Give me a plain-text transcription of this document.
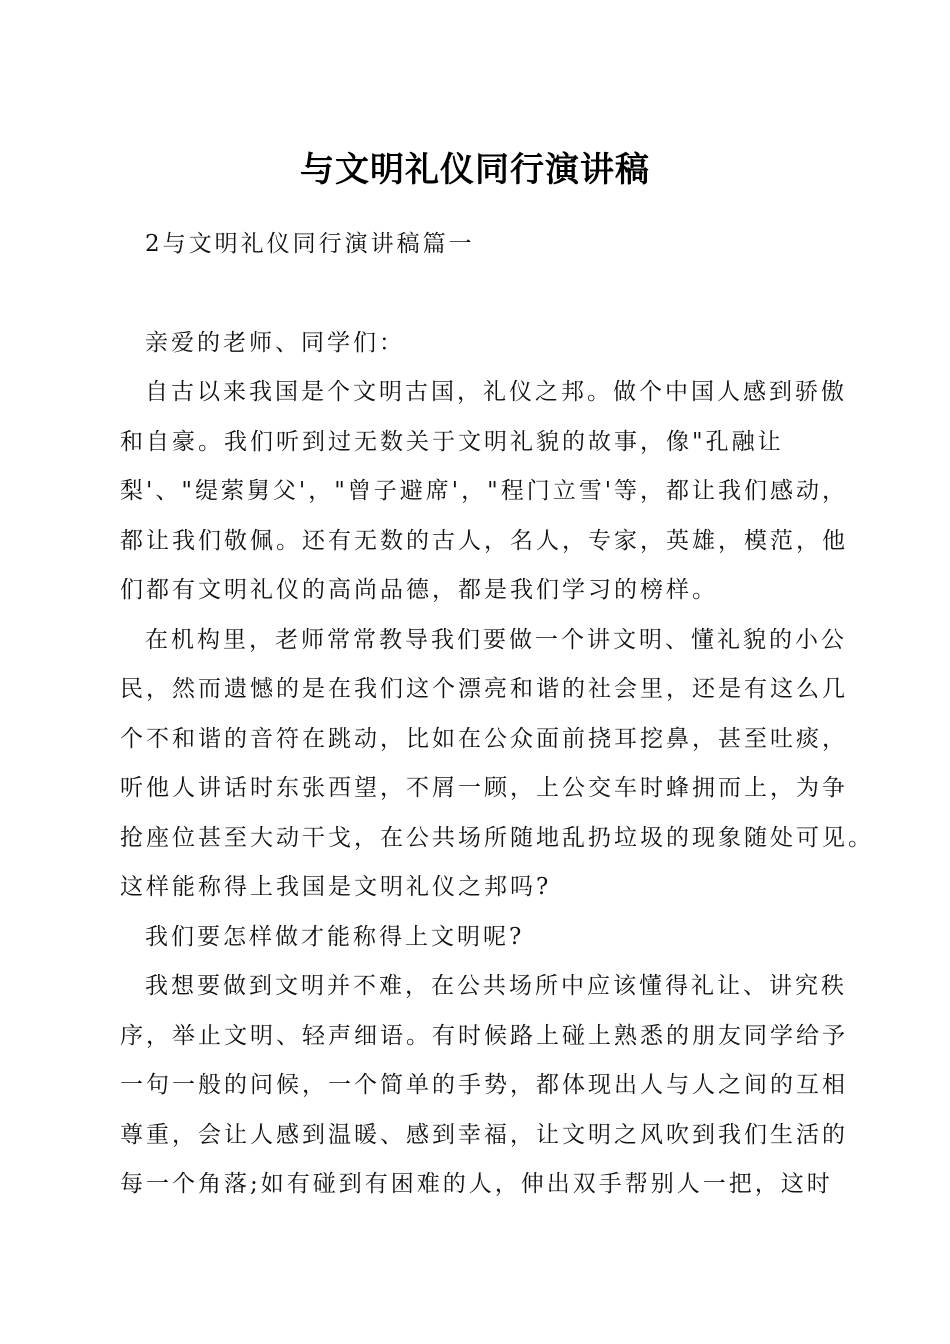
与文明礼仪同行演讲稿
2与文明礼仪同行演讲稿篇一
亲爱的老师、同学们：
自古以来我国是个文明古国，礼仪之邦。做个中国人感到骄傲
和自豪。我们听到过无数关于文明礼貌的故事，像"孔融让
梨'、"缇萦舅父'，"曾子避席'，"程门立雪'等，都让我们感动，
都让我们敬佩。还有无数的古人，名人，专家，英雄，模范，他
们都有文明礼仪的高尚品德，都是我们学习的榜样。
在机构里，老师常常教导我们要做一个讲文明、懂礼貌的小公
民，然而遗憾的是在我们这个漂亮和谐的社会里，还是有这么几
个不和谐的音符在跳动，比如在公众面前挠耳挖鼻，甚至吐痰，
听他人讲话时东张西望，不屑一顾，上公交车时蜂拥而上，为争
抢座位甚至大动干戈，在公共场所随地乱扔垃圾的现象随处可见。
这样能称得上我国是文明礼仪之邦吗?
我们要怎样做才能称得上文明呢?
我想要做到文明并不难，在公共场所中应该懂得礼让、讲究秩
序，举止文明、轻声细语。有时候路上碰上熟悉的朋友同学给予
一句一般的问候，一个简单的手势，都体现出人与人之间的互相
尊重，会让人感到温暖、感到幸福，让文明之风吹到我们生活的
每一个角落;如有碰到有困难的人，伸出双手帮别人一把，这时
